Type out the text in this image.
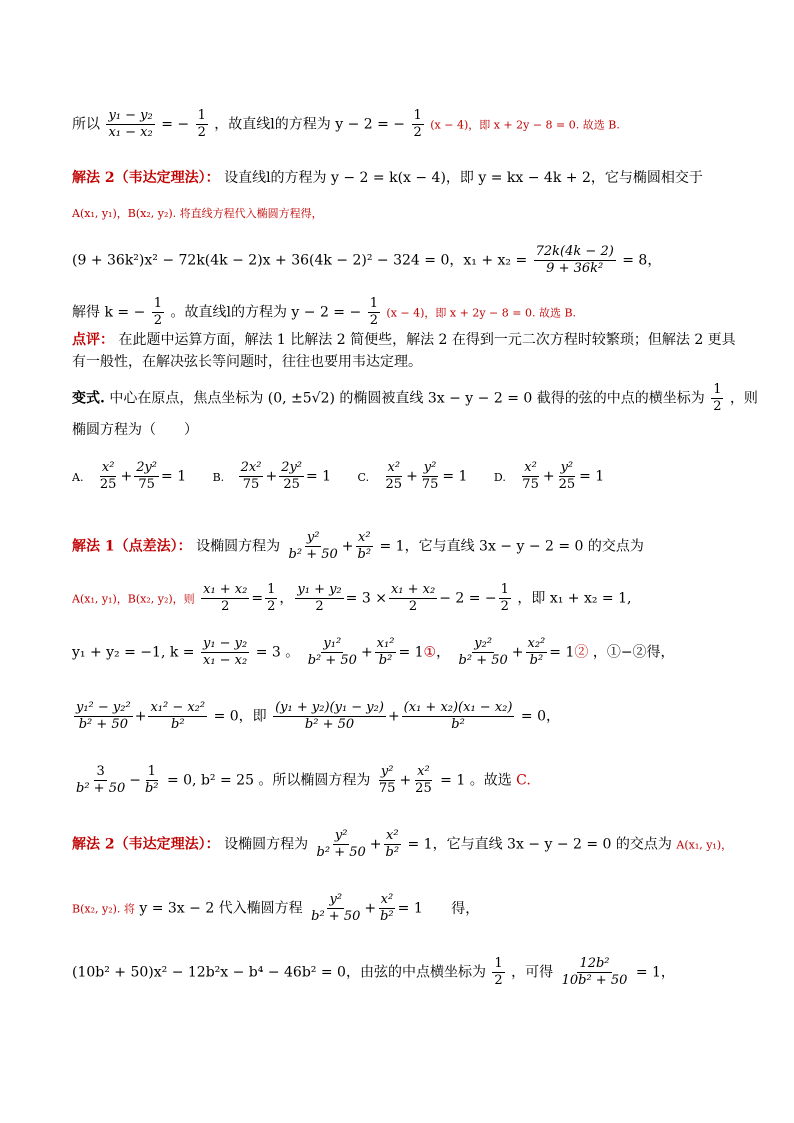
所以 $\frac{\text{y₁ − y₂}}{\text{x₁ − x₂}}$ = − $\frac{1}{2}$ ，故直线l的方程为 y − 2 = − $\frac{1}{2} (x - 4)$，即 x + 2y − 8 = 0. 故选 B.
解法 2（韦达定理法）： 设直线l的方程为 y − 2 = k(x − 4)，即 y = kx − 4k + 2，它与椭圆相交于
A(x₁, y₁)，B(x₂, y₂). 将直线方程代入椭圆方程得，
(9 + 36k²)x² − 72k(4k − 2)x + 36(4k − 2)² − 324 = 0，$x_1 + x_2 = \frac{72k(4k - 2)}{\text{9 + 36k²}} = 8$，
解得 k = − $\frac{1}{2}$ 。故直线l的方程为 y − 2 = − $\frac{1}{2} (x - 4)$，即 x + 2y − 8 = 0. 故选 B.
点评： 在此题中运算方面，解法 1 比解法 2 简便些，解法 2 在得到一元二次方程时较繁琐；但解法 2 更具
有一般性，在解决弦长等问题时，往往也要用韦达定理。
变式. 中心在原点，焦点坐标为 (0, ±5√2) 的椭圆被直线 3x − y − 2 = 0 截得的弦的中点的横坐标为 $\frac{1}{2}$ ，则
椭圆方程为（　　）
A. $\frac{\text{x²}}{25} + \frac{\text{2y²}}{75} = 1$ B. $\frac{\text{2x²}}{75} + \frac{\text{2y²}}{25} = 1$ C. $\frac{\text{x²}}{25} + \frac{\text{y²}}{75} = 1$ D. $\frac{\text{x²}}{75} + \frac{\text{y²}}{25} = 1$
解法 1（点差法）： 设椭圆方程为 $\frac{\text{y²}}{\text{b² + 50}} + \frac{\text{x²}}{\text{b²}} = 1$，它与直线 3x − y − 2 = 0 的交点为
A(x₁, y₁)，B(x₂, y₂)，则 $\frac{\text{x₁ + x₂}}{2} = \frac{1}{2}$ ， $\frac{\text{y₁ + y₂}}{2} = 3 \times \frac{\text{x₁ + x₂}}{2} - 2$ = − $\frac{1}{2}$ ，即 x₁ + x₂ = 1,
y₁ + y₂ = −1, $k = \frac{\text{y₁ − y₂}}{\text{x₁ − x₂}} = 3$ 。 $\frac{\text{y₁²}}{\text{b² + 50}} + \frac{\text{x₁²}}{\text{b²}}$ = 1①， $\frac{\text{y₂²}}{\text{b² + 50}} + \frac{\text{x₂²}}{\text{b²}}$ = 1② ，①−②得，
$\frac{\text{y₁² − y₂²}}{\text{b² + 50}} + \frac{\text{x₁² − x₂²}}{\text{b²}} = 0$，即 $\frac{\text{(y₁ + y₂)(y₁ − y₂)}}{\text{b² + 50}} + \frac{\text{(x₁ + x₂)(x₁ − x₂)}}{\text{b²}} = 0$，
$\frac{3}{\text{b² + 50}} - \frac{1}{\text{b²}} = 0$, b² = 25 。所以椭圆方程为 $\frac{\text{y²}}{75} + \frac{\text{x²}}{25} = 1$ 。故选 C.
解法 2（韦达定理法）： 设椭圆方程为 $\frac{\text{y²}}{\text{b² + 50}} + \frac{\text{x²}}{\text{b²}} = 1$，它与直线 3x − y − 2 = 0 的交点为 A(x₁, y₁)，
B(x₂, y₂). 将 y = 3x − 2 代入椭圆方程 $\frac{\text{y²}}{\text{b² + 50}} + \frac{\text{x²}}{\text{b²}} = 1$ 得，
(10b² + 50)x² − 12b²x − b⁴ − 46b² = 0，由弦的中点横坐标为 $\frac{1}{2}$ ，可得 $\frac{\text{12b²}}{\text{10b² + 50}} = 1$，
